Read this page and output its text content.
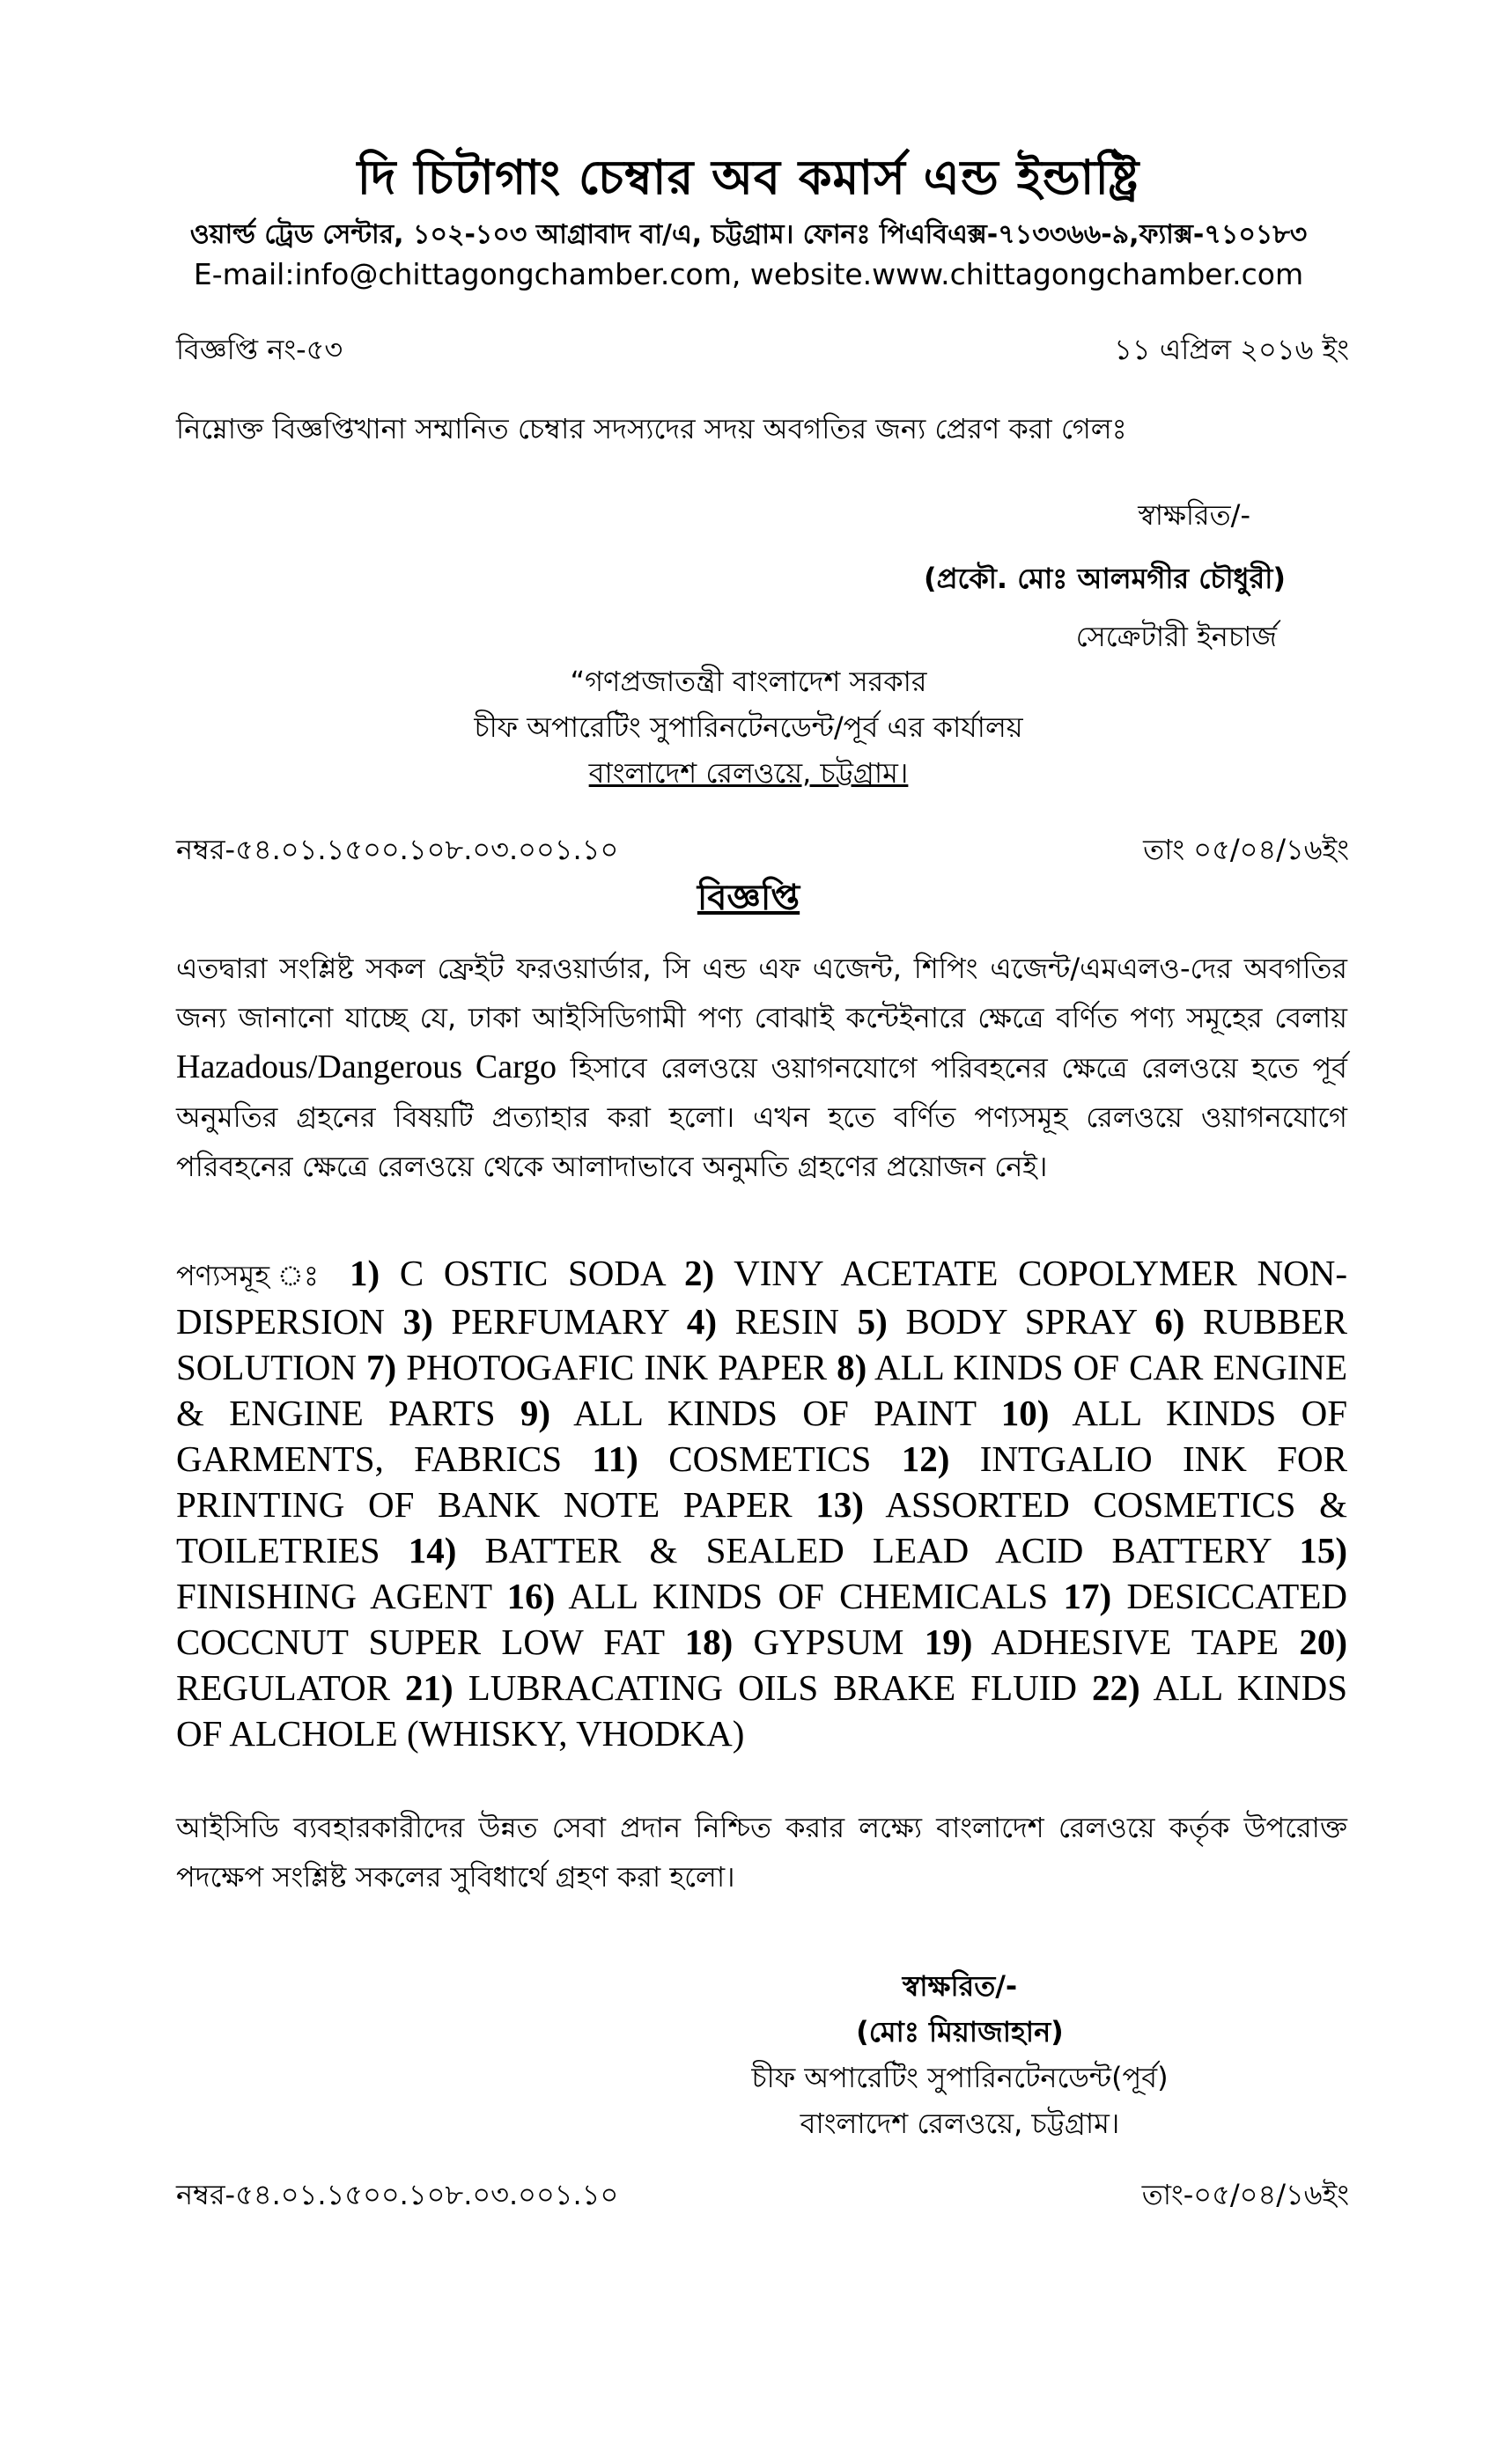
দি চিটাগাং চেম্বার অব কমার্স এন্ড ইন্ডাষ্ট্রি
ওয়ার্ল্ড ট্রেড সেন্টার, ১০২-১০৩ আগ্রাবাদ বা/এ, চট্টগ্রাম। ফোনঃ পিএবিএক্স-৭১৩৩৬৬-৯,ফ্যাক্স-৭১০১৮৩
E-mail:info@chittagongchamber.com, website.www.chittagongchamber.com
বিজ্ঞপ্তি নং-৫৩	১১ এপ্রিল ২০১৬ ইং
নিম্নোক্ত বিজ্ঞপ্তিখানা সম্মানিত চেম্বার সদস্যদের সদয় অবগতির জন্য প্রেরণ করা গেলঃ
স্বাক্ষরিত/-
(প্রকৌ. মোঃ আলমগীর চৌধুরী)
সেক্রেটারী ইনচার্জ
“গণপ্রজাতন্ত্রী বাংলাদেশ সরকার
চীফ অপারেটিং সুপারিনটেনডেন্ট/পূর্ব এর কার্যালয়
বাংলাদেশ রেলওয়ে, চট্টগ্রাম।
নম্বর-৫৪.০১.১৫০০.১০৮.০৩.০০১.১০	তাং ০৫/০৪/১৬ইং
বিজ্ঞপ্তি
এতদ্বারা সংশ্লিষ্ট সকল ফ্রেইট ফরওয়ার্ডার, সি এন্ড এফ এজেন্ট, শিপিং এজেন্ট/এমএলও-দের অবগতির জন্য জানানো যাচ্ছে যে, ঢাকা আইসিডিগামী পণ্য বোঝাই কন্টেইনারে ক্ষেত্রে বর্ণিত পণ্য সমূহের বেলায় Hazadous/Dangerous Cargo হিসাবে রেলওয়ে ওয়াগনযোগে পরিবহনের ক্ষেত্রে রেলওয়ে হতে পূর্ব অনুমতির গ্রহনের বিষয়টি প্রত্যাহার করা হলো। এখন হতে বর্ণিত পণ্যসমূহ রেলওয়ে ওয়াগনযোগে পরিবহনের ক্ষেত্রে রেলওয়ে থেকে আলাদাভাবে অনুমতি গ্রহণের প্রয়োজন নেই।
পণ্যসমূহ ঃ 1) C OSTIC SODA 2) VINY ACETATE COPOLYMER NON-DISPERSION 3) PERFUMARY 4) RESIN 5) BODY SPRAY 6) RUBBER SOLUTION 7) PHOTOGAFIC INK PAPER 8) ALL KINDS OF CAR ENGINE & ENGINE PARTS 9) ALL KINDS OF PAINT 10) ALL KINDS OF GARMENTS, FABRICS 11) COSMETICS 12) INTGALIO INK FOR PRINTING OF BANK NOTE PAPER 13) ASSORTED COSMETICS & TOILETRIES 14) BATTER & SEALED LEAD ACID BATTERY 15) FINISHING AGENT 16) ALL KINDS OF CHEMICALS 17) DESICCATED COCCNUT SUPER LOW FAT 18) GYPSUM 19) ADHESIVE TAPE 20) REGULATOR 21) LUBRACATING OILS BRAKE FLUID 22) ALL KINDS OF ALCHOLE (WHISKY, VHODKA)
আইসিডি ব্যবহারকারীদের উন্নত সেবা প্রদান নিশ্চিত করার লক্ষ্যে বাংলাদেশ রেলওয়ে কর্তৃক উপরোক্ত পদক্ষেপ সংশ্লিষ্ট সকলের সুবিধার্থে গ্রহণ করা হলো।
স্বাক্ষরিত/-
(মোঃ মিয়াজাহান)
চীফ অপারেটিং সুপারিনটেনডেন্ট(পূর্ব)
বাংলাদেশ রেলওয়ে, চট্টগ্রাম।
নম্বর-৫৪.০১.১৫০০.১০৮.০৩.০০১.১০	তাং-০৫/০৪/১৬ইং
